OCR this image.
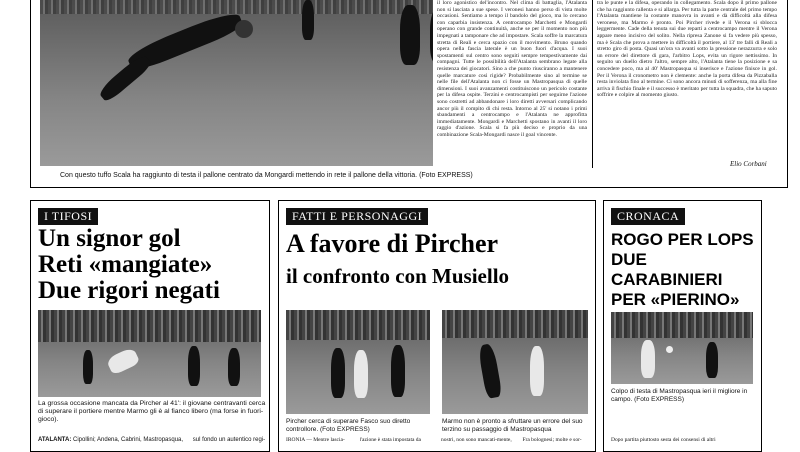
il loro agonistico del'incontro. Nel clima di battaglia, l'Atalanta non si lasciata a sue spese. I veronesi hanno perso di vista molte occasioni. Sentiamo a tempo il bandolo del gioco, ma lo cercano con caparbia insistenza. A centrocampo Marchetti e Mongardi operano con grande continuità, anche se per il momento non più impegnati a tamponare che ad impostare. Scala soffre la marcatura stretta di Reali e cerca spazio con il movimento. Bruno quando opera nella fascia laterale è un buon fuori d'acqua. I suoi spostamenti sul centro sono seguiti sempre tempestivamente dai compagni. Tutte le possibilità dell'Atalanta sembrano legate alla resistenza dei giocatori. Sino a che punto riusciranno a mantenere quelle marcature così rigide? Probabilmente sino al termine se nelle file dell'Atalanta non ci fosse un Mastropasqua di quelle dimensioni. I suoi avanzamenti costituiscono un pericolo costante per la difesa ospite. Terzini e centrocampisti per seguirne l'azione sono costretti ad abbandonare i loro diretti avversari complicando ancor più il compito di chi resta. Intorno al 25' si notano i primi sbandamenti a centrocampo e l'Atalanta ne approfitta immediatamente. Mongardi e Marchetti spostano in avanti il loro raggio d'azione. Scala si fa più deciso e proprio da una combinazione Scala-Mongardi nasce il goal vincente.
tra le punte e la difesa, operando in collegamento. Scala dopo il primo pallone che ha raggiunto rallenta e si allarga. Per tutta la parte centrale del primo tempo l'Atalanta mantiene la costante manovra in avanti e dà difficoltà alla difesa veronese, ma Marmo è pronto. Poi Pircher rivede e il Verona si sblocca leggermente. Cade della tenuta sui due reparti a centrocampo mentre il Verona appare meno incisivo del solito. Nella ripresa Zanone si fa vedere più spesso, ma è Scala che prova a mettere in difficoltà il portiere, al 13' tre falli di Reali a stretto giro di posta. Quasi un'ora va avanti sotto la pressione nerazzurra e solo un errore del direttore di gara, l'arbitro Lops, evita un rigore nettissimo. In seguito un duello dietro l'altro, sempre alto, l'Atalanta tiene la posizione e sa concedere poco, ma al 40' Mastropasqua si inserisce e l'azione finisce in gol. Per il Verona il cronometro non è clemente: anche la porta difesa da Pizzaballa resta inviolata fino al termine. Ci sono ancora minuti di sofferenza, ma alla fine arriva il fischio finale e il successo è meritato per tutta la squadra, che ha saputo soffrire e colpire al momento giusto.
Elio Corbani
Con questo tuffo Scala ha raggiunto di testa il pallone centrato da Mongardi mettendo in rete il pallone della vittoria. (Foto EXPRESS)
I TIFOSI
Un signor gol
Reti «mangiate»
Due rigori negati
La grossa occasione mancata da Pircher al 41': il giovane centravanti cerca di superare il portiere mentre Marmo gli è al fianco libero (ma forse in fuori-gioco).
ATALANTA: Cipollini; Andena, Cabrini, Mastropasqua, sul fondo un autentico regi-
FATTI E PERSONAGGI
A favore di Pircher
il confronto con Musiello
Pircher cerca di superare Fasco suo diretto controllore. (Foto EXPRESS)
Marmo non è pronto a sfruttare un errore del suo terzino su passaggio di Mastropasqua
IRONIA — Mentre lascia-	l'azione è stata impostata da	nostri, non sono mancati-mente,	Fra bolognesi; molte e sor-
CRONACA
ROGO PER LOPS
DUE CARABINIERI
PER «PIERINO»
Colpo di testa di Mastropasqua ieri il migliore in campo. (Foto EXPRESS)
Dopo partita piuttosto sesta dei consensi di altri
